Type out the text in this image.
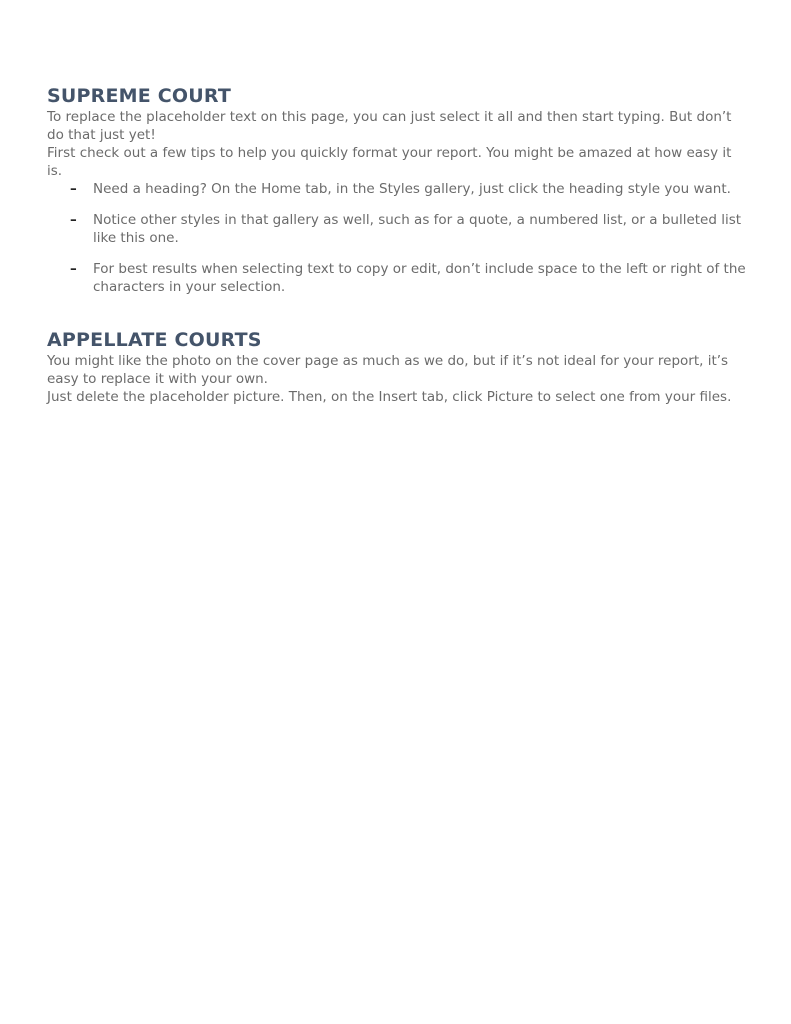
SUPREME COURT

To replace the placeholder text on this page, you can just select it all and then start typing. But don’t do that just yet!

First check out a few tips to help you quickly format your report. You might be amazed at how easy it is.

–	Need a heading? On the Home tab, in the Styles gallery, just click the heading style you want.
–	Notice other styles in that gallery as well, such as for a quote, a numbered list, or a bulleted list like this one.
–	For best results when selecting text to copy or edit, don’t include space to the left or right of the characters in your selection.
APPELLATE COURTS

You might like the photo on the cover page as much as we do, but if it’s not ideal for your report, it’s easy to replace it with your own.

Just delete the placeholder picture. Then, on the Insert tab, click Picture to select one from your files.
